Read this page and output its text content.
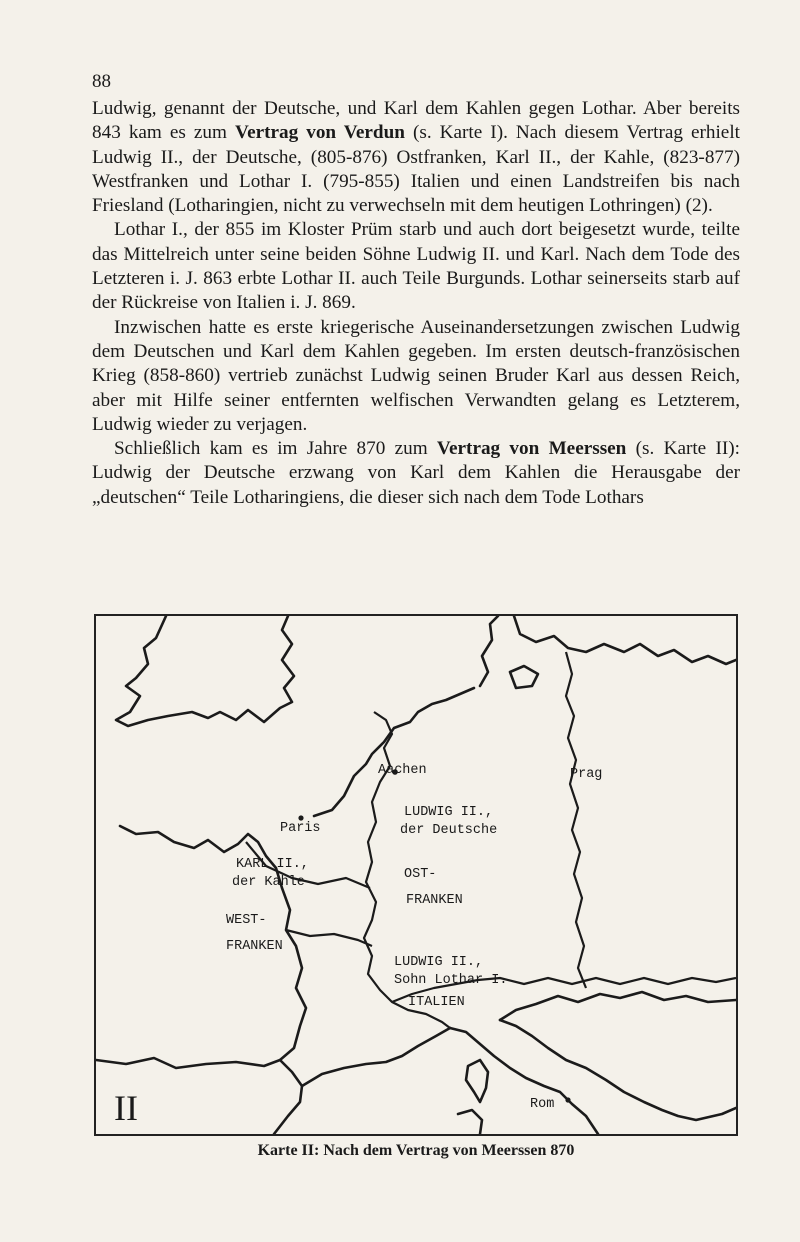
88

Ludwig, genannt der Deutsche, und Karl dem Kahlen gegen Lothar. Aber bereits 843 kam es zum Vertrag von Verdun (s. Karte I). Nach diesem Vertrag erhielt Ludwig II., der Deutsche, (805-876) Ostfranken, Karl II., der Kahle, (823-877) Westfranken und Lothar I. (795-855) Italien und einen Landstreifen bis nach Friesland (Lotharingien, nicht zu verwechseln mit dem heutigen Lothringen) (2).

Lothar I., der 855 im Kloster Prüm starb und auch dort beigesetzt wurde, teilte das Mittelreich unter seine beiden Söhne Ludwig II. und Karl. Nach dem Tode des Letzteren i. J. 863 erbte Lothar II. auch Teile Burgunds. Lothar seinerseits starb auf der Rückreise von Italien i. J. 869.

Inzwischen hatte es erste kriegerische Auseinandersetzungen zwischen Ludwig dem Deutschen und Karl dem Kahlen gegeben. Im ersten deutsch-französischen Krieg (858-860) vertrieb zunächst Ludwig seinen Bruder Karl aus dessen Reich, aber mit Hilfe seiner entfernten welfischen Verwandten gelang es Letzterem, Ludwig wieder zu verjagen.

Schließlich kam es im Jahre 870 zum Vertrag von Meerssen (s. Karte II): Ludwig der Deutsche erzwang von Karl dem Kahlen die Herausgabe der „deutschen“ Teile Lotharingiens, die dieser sich nach dem Tode Lothars

Aachen	Prag
Paris
LUDWIG II.,
der Deutsche
KARL II.,
der Kahle
OST-
FRANKEN
WEST-
FRANKEN
LUDWIG II.,
Sohn Lothar I.
ITALIEN
Rom
II
Karte II: Nach dem Vertrag von Meerssen 870
